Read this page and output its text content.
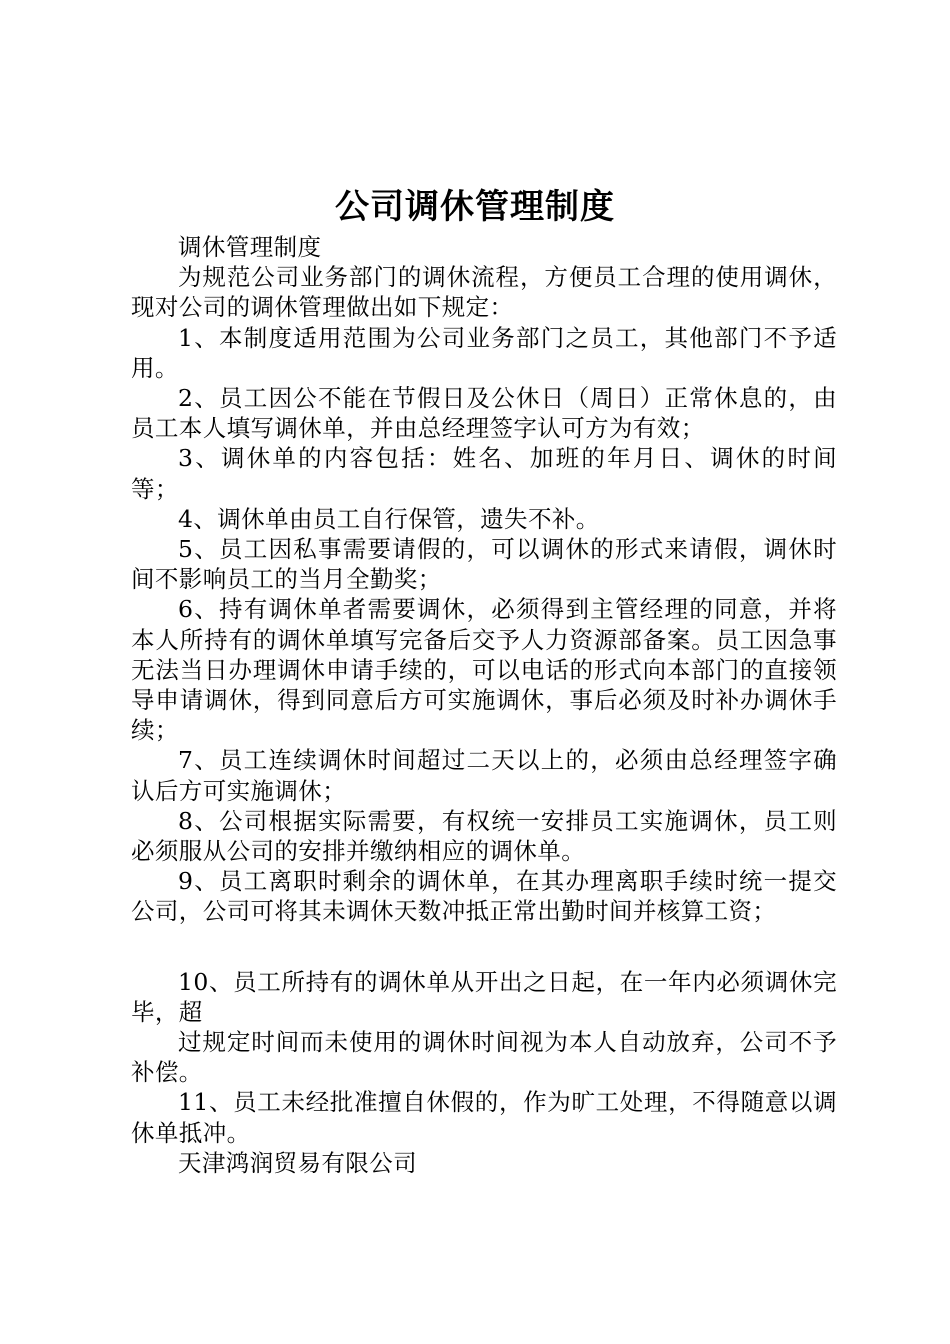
公司调休管理制度

调休管理制度

为规范公司业务部门的调休流程，方便员工合理的使用调休，现对公司的调休管理做出如下规定：

1、本制度适用范围为公司业务部门之员工，其他部门不予适用。

2、员工因公不能在节假日及公休日（周日）正常休息的，由员工本人填写调休单，并由总经理签字认可方为有效；

3、调休单的内容包括：姓名、加班的年月日、调休的时间等；

4、调休单由员工自行保管，遗失不补。

5、员工因私事需要请假的，可以调休的形式来请假，调休时间不影响员工的当月全勤奖；

6、持有调休单者需要调休，必须得到主管经理的同意，并将本人所持有的调休单填写完备后交予人力资源部备案。员工因急事无法当日办理调休申请手续的，可以电话的形式向本部门的直接领导申请调休，得到同意后方可实施调休，事后必须及时补办调休手续；

7、员工连续调休时间超过二天以上的，必须由总经理签字确认后方可实施调休；

8、公司根据实际需要，有权统一安排员工实施调休，员工则必须服从公司的安排并缴纳相应的调休单。

9、员工离职时剩余的调休单，在其办理离职手续时统一提交公司，公司可将其未调休天数冲抵正常出勤时间并核算工资；

10、员工所持有的调休单从开出之日起，在一年内必须调休完毕，超

过规定时间而未使用的调休时间视为本人自动放弃，公司不予补偿。

11、员工未经批准擅自休假的，作为旷工处理，不得随意以调休单抵冲。

天津鸿润贸易有限公司
